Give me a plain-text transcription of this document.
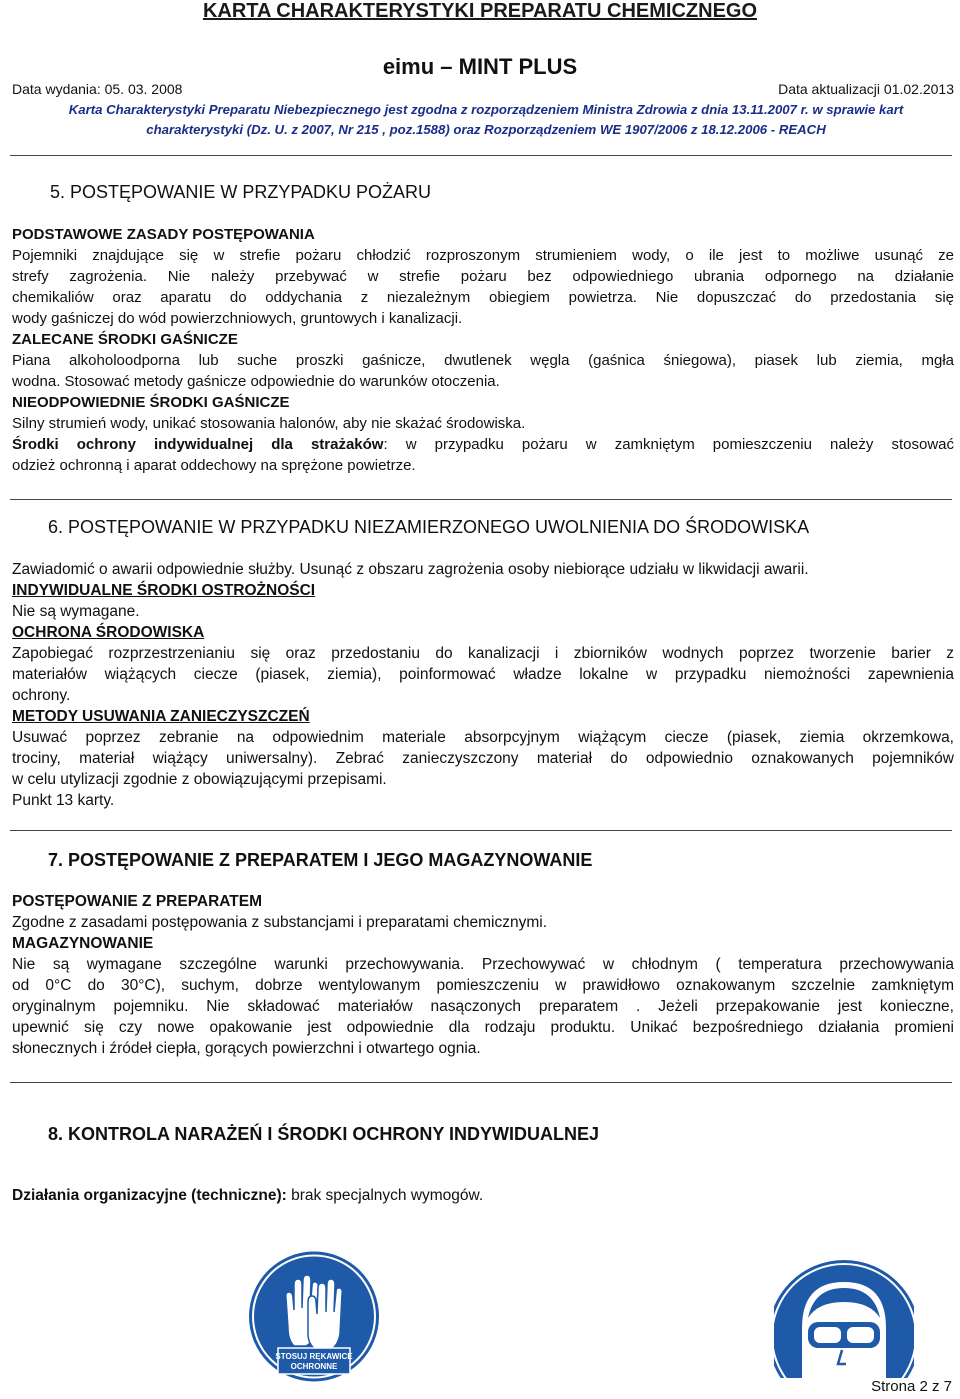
KARTA CHARAKTERYSTYKI PREPARATU CHEMICZNEGO
eimu – MINT PLUS
Data wydania: 05. 03. 2008	Data aktualizacji 01.02.2013
Karta Charakterystyki Preparatu Niebezpiecznego jest zgodna z rozporządzeniem Ministra Zdrowia z dnia 13.11.2007 r. w sprawie kart
charakterystyki (Dz. U. z 2007, Nr 215 , poz.1588) oraz Rozporządzeniem WE 1907/2006 z 18.12.2006 - REACH
5. POSTĘPOWANIE W PRZYPADKU POŻARU
PODSTAWOWE ZASADY POSTĘPOWANIA
Pojemniki znajdujące się w strefie pożaru chłodzić rozproszonym strumieniem wody, o ile jest to możliwe usunąć ze
strefy zagrożenia. Nie należy przebywać w strefie pożaru bez odpowiedniego ubrania odpornego na działanie
chemikaliów oraz aparatu do oddychania z niezależnym obiegiem powietrza. Nie dopuszczać do przedostania się
wody gaśniczej do wód powierzchniowych, gruntowych i kanalizacji.
ZALECANE ŚRODKI GAŚNICZE
Piana alkoholoodporna lub suche proszki gaśnicze, dwutlenek węgla (gaśnica śniegowa), piasek lub ziemia, mgła
wodna. Stosować metody gaśnicze odpowiednie do warunków otoczenia.
NIEODPOWIEDNIE ŚRODKI GAŚNICZE
Silny strumień wody, unikać stosowania halonów, aby nie skażać środowiska.
Środki ochrony indywidualnej dla strażaków: w przypadku pożaru w zamkniętym pomieszczeniu należy stosować
odzież ochronną i aparat oddechowy na sprężone powietrze.
6. POSTĘPOWANIE W PRZYPADKU NIEZAMIERZONEGO UWOLNIENIA DO ŚRODOWISKA
Zawiadomić o awarii odpowiednie służby. Usunąć z obszaru zagrożenia osoby niebiorące udziału w likwidacji awarii.
INDYWIDUALNE ŚRODKI OSTROŻNOŚCI
Nie są wymagane.
OCHRONA ŚRODOWISKA
Zapobiegać rozprzestrzenianiu się oraz przedostaniu do kanalizacji i zbiorników wodnych poprzez tworzenie barier z
materiałów wiążących ciecze (piasek, ziemia), poinformować władze lokalne w przypadku niemożności zapewnienia
ochrony.
METODY USUWANIA ZANIECZYSZCZEŃ
Usuwać poprzez zebranie na odpowiednim materiale absorpcyjnym wiążącym ciecze (piasek, ziemia okrzemkowa,
trociny, materiał wiążący uniwersalny). Zebrać zanieczyszczony materiał do odpowiednio oznakowanych pojemników
w celu utylizacji zgodnie z obowiązującymi przepisami.
Punkt 13 karty.
7. POSTĘPOWANIE Z PREPARATEM I JEGO MAGAZYNOWANIE
POSTĘPOWANIE Z PREPARATEM
Zgodne z zasadami postępowania z substancjami i preparatami chemicznymi.
MAGAZYNOWANIE
Nie są wymagane szczególne warunki przechowywania. Przechowywać w chłodnym ( temperatura przechowywania
od 0°C do 30°C), suchym, dobrze wentylowanym pomieszczeniu w prawidłowo oznakowanym szczelnie zamkniętym
oryginalnym pojemniku. Nie składować materiałów nasączonych preparatem . Jeżeli przepakowanie jest konieczne,
upewnić się czy nowe opakowanie jest odpowiednie dla rodzaju produktu. Unikać bezpośredniego działania promieni
słonecznych i źródeł ciepła, gorących powierzchni i otwartego ognia.
8. KONTROLA NARAŻEŃ I ŚRODKI OCHRONY INDYWIDUALNEJ
Działania organizacyjne (techniczne): brak specjalnych wymogów.
STOSUJ RĘKAWICE
OCHRONNE
Strona 2 z 7
